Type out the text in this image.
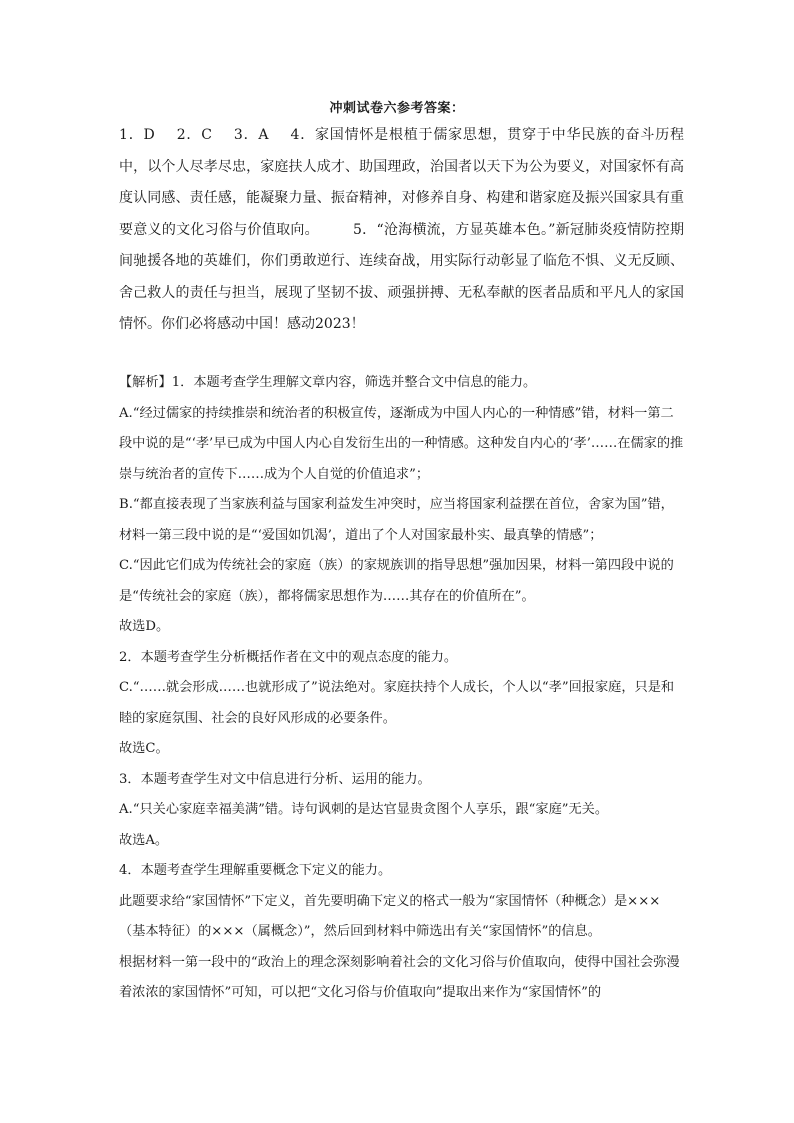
冲刺试卷六参考答案：
1．D 2．C 3．A 4．家国情怀是根植于儒家思想，贯穿于中华民族的奋斗历程中，以个人尽孝尽忠，家庭扶人成才、助国理政，治国者以天下为公为要义，对国家怀有高度认同感、责任感，能凝聚力量、振奋精神，对修养自身、构建和谐家庭及振兴国家具有重要意义的文化习俗与价值取向。 5．“沧海横流，方显英雄本色。”新冠肺炎疫情防控期间驰援各地的英雄们，你们勇敢逆行、连续奋战，用实际行动彰显了临危不惧、义无反顾、舍己救人的责任与担当，展现了坚韧不拔、顽强拼搏、无私奉献的医者品质和平凡人的家国情怀。你们必将感动中国！感动2023！

【解析】1．本题考查学生理解文章内容，筛选并整合文中信息的能力。

A.“经过儒家的持续推崇和统治者的积极宣传，逐渐成为中国人内心的一种情感”错，材料一第二段中说的是“‘孝’早已成为中国人内心自发衍生出的一种情感。这种发自内心的‘孝’……在儒家的推崇与统治者的宣传下……成为个人自觉的价值追求”；

B.“都直接表现了当家族利益与国家利益发生冲突时，应当将国家利益摆在首位，舍家为国”错，材料一第三段中说的是“‘爱国如饥渴’，道出了个人对国家最朴实、最真挚的情感”；

C.“因此它们成为传统社会的家庭（族）的家规族训的指导思想”强加因果，材料一第四段中说的是“传统社会的家庭（族），都将儒家思想作为……其存在的价值所在”。

故选D。

2．本题考查学生分析概括作者在文中的观点态度的能力。

C.“……就会形成……也就形成了”说法绝对。家庭扶持个人成长，个人以“孝”回报家庭，只是和睦的家庭氛围、社会的良好风形成的必要条件。

故选C。

3．本题考查学生对文中信息进行分析、运用的能力。

A.“只关心家庭幸福美满”错。诗句讽刺的是达官显贵贪图个人享乐，跟“家庭”无关。

故选A。

4．本题考查学生理解重要概念下定义的能力。

此题要求给“家国情怀”下定义，首先要明确下定义的格式一般为“家国情怀（种概念）是×××（基本特征）的×××（属概念）”，然后回到材料中筛选出有关“家国情怀”的信息。

根据材料一第一段中的“政治上的理念深刻影响着社会的文化习俗与价值取向，使得中国社会弥漫着浓浓的家国情怀”可知，可以把“文化习俗与价值取向”提取出来作为“家国情怀”的
